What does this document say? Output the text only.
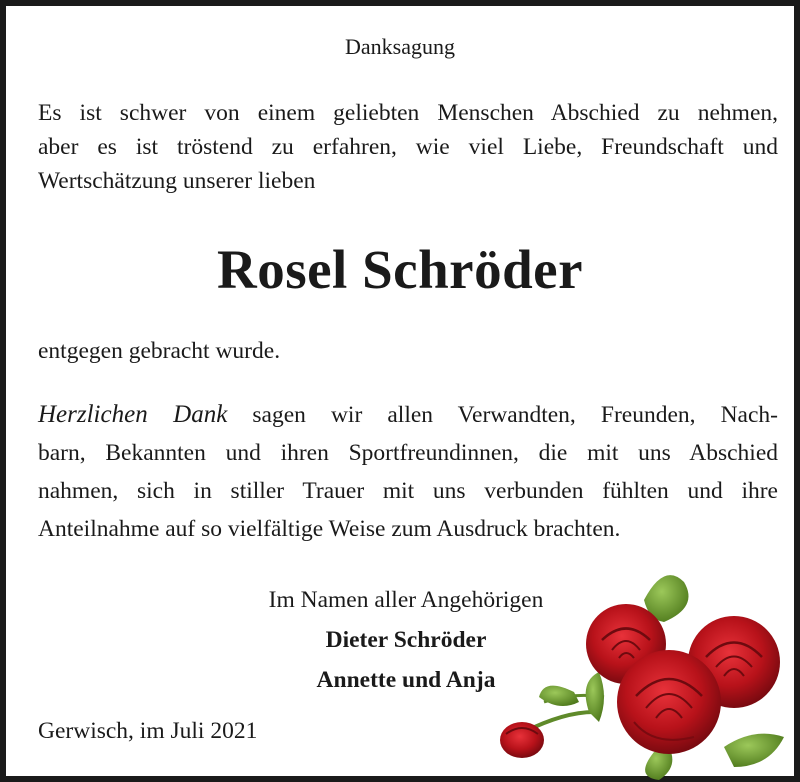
Danksagung
Es ist schwer von einem geliebten Menschen Abschied zu nehmen,
aber es ist tröstend zu erfahren, wie viel Liebe, Freundschaft und
Wertschätzung unserer lieben
Rosel Schröder
entgegen gebracht wurde.
Herzlichen Dank sagen wir allen Verwandten, Freunden, Nach-
barn, Bekannten und ihren Sportfreundinnen, die mit uns Abschied
nahmen, sich in stiller Trauer mit uns verbunden fühlten und ihre
Anteilnahme auf so vielfältige Weise zum Ausdruck brachten.
Im Namen aller Angehörigen
Dieter Schröder
Annette und Anja
Gerwisch, im Juli 2021
